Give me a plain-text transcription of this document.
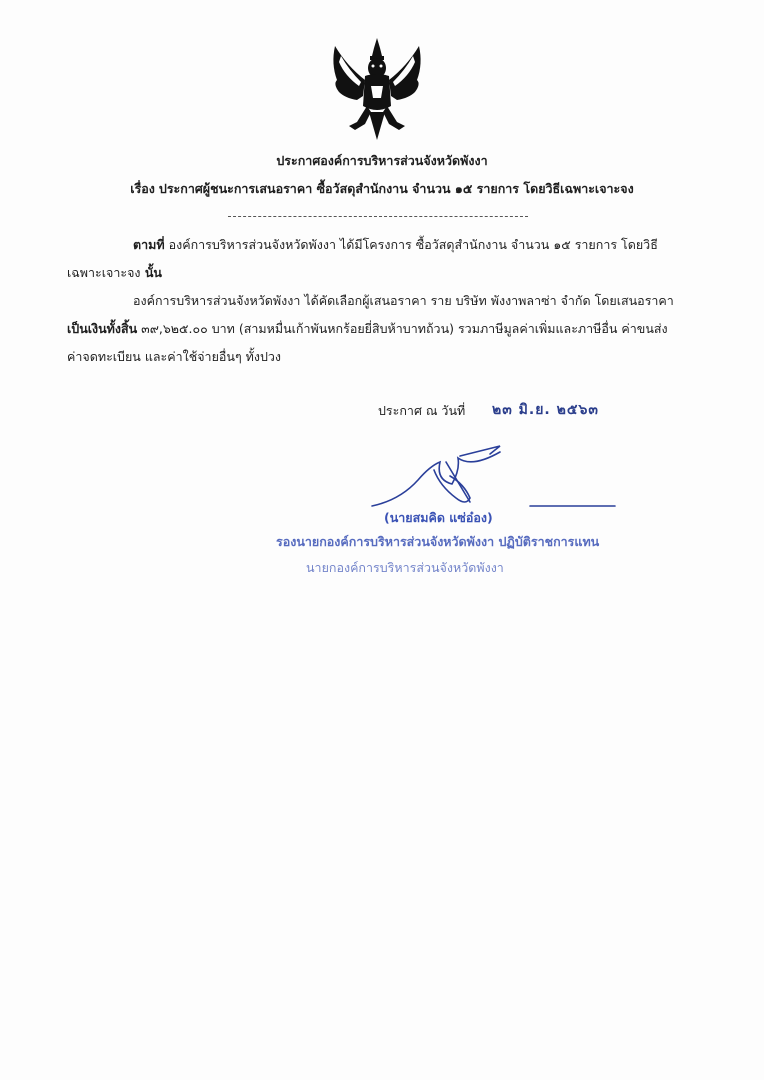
ประกาศองค์การบริหารส่วนจังหวัดพังงา
เรื่อง ประกาศผู้ชนะการเสนอราคา ซื้อวัสดุสำนักงาน จำนวน ๑๕ รายการ โดยวิธีเฉพาะเจาะจง
ตามที่ องค์การบริหารส่วนจังหวัดพังงา ได้มีโครงการ ซื้อวัสดุสำนักงาน จำนวน ๑๕ รายการ โดยวิธี
เฉพาะเจาะจง นั้น
องค์การบริหารส่วนจังหวัดพังงา ได้คัดเลือกผู้เสนอราคา ราย บริษัท พังงาพลาซ่า จำกัด โดยเสนอราคา
เป็นเงินทั้งสิ้น ๓๙,๖๒๕.๐๐ บาท (สามหมื่นเก้าพันหกร้อยยี่สิบห้าบาทถ้วน) รวมภาษีมูลค่าเพิ่มและภาษีอื่น ค่าขนส่ง
ค่าจดทะเบียน และค่าใช้จ่ายอื่นๆ ทั้งปวง
ประกาศ ณ วันที่ ๒๓ มิ.ย. ๒๕๖๓
(นายสมคิด แซ่อ๋อง)
รองนายกองค์การบริหารส่วนจังหวัดพังงา ปฏิบัติราชการแทน
นายกองค์การบริหารส่วนจังหวัดพังงา
